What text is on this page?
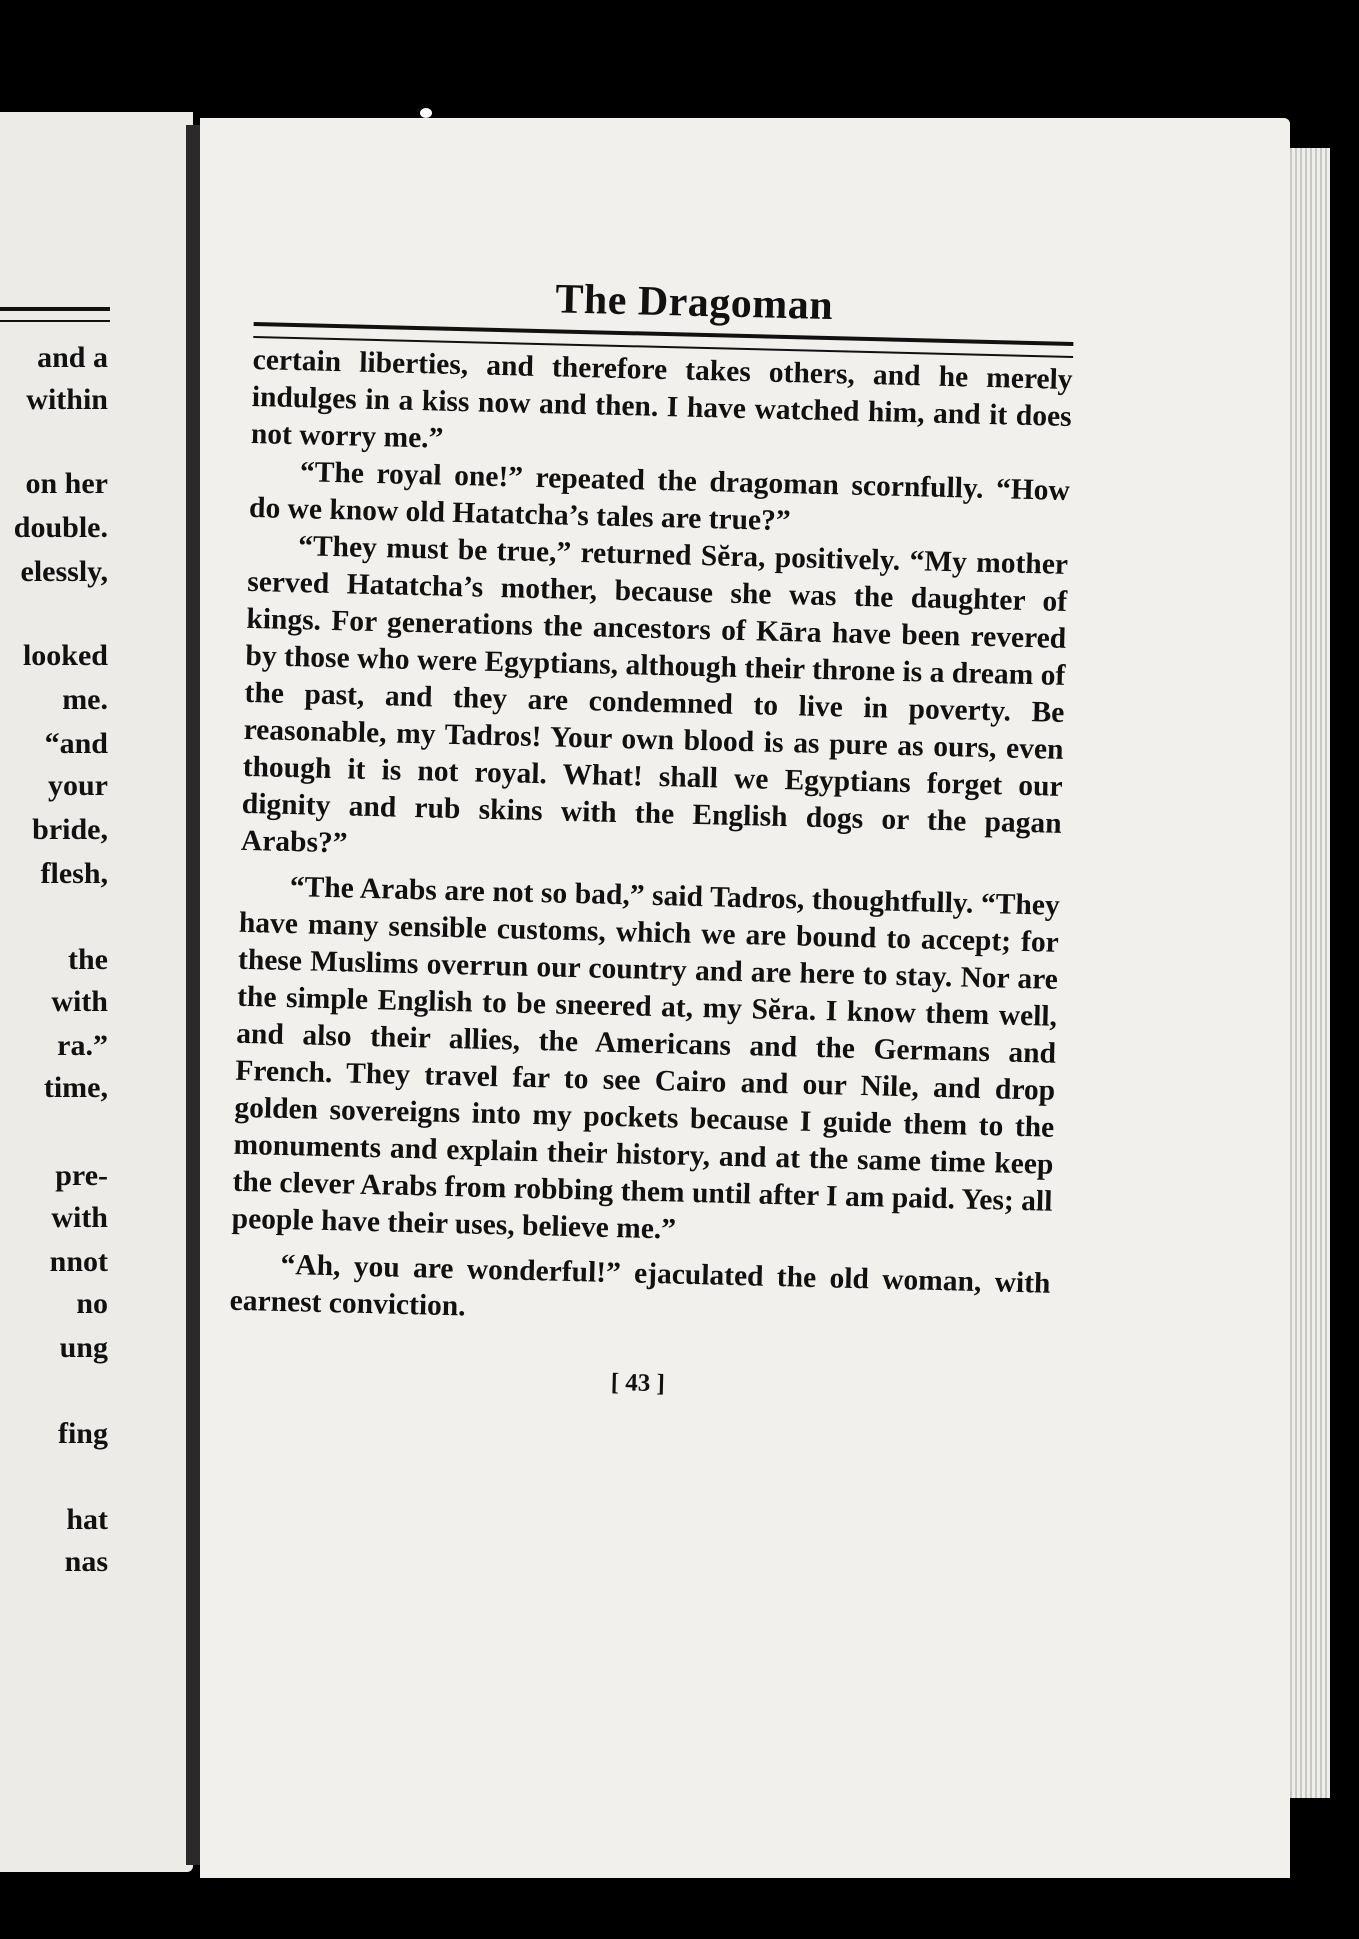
and a
within
on her
double.
elessly,
looked
me.
“and
your
bride,
flesh,
the
with
ra.”
time,
pre-
with
nnot
no
ung
fing
hat
nas
The Dragoman

certain liberties, and therefore takes others, and he merely indulges in a kiss now and then. I have watched him, and it does not worry me.”

“The royal one!” repeated the dragoman scornfully. “How do we know old Hatatcha’s tales are true?”

“They must be true,” returned Sĕra, positively. “My mother served Hatatcha’s mother, because she was the daughter of kings. For generations the ancestors of Kāra have been revered by those who were Egyptians, although their throne is a dream of the past, and they are condemned to live in poverty. Be reasonable, my Tadros! Your own blood is as pure as ours, even though it is not royal. What! shall we Egyptians forget our dignity and rub skins with the English dogs or the pagan Arabs?”

“The Arabs are not so bad,” said Tadros, thoughtfully. “They have many sensible customs, which we are bound to accept; for these Muslims overrun our country and are here to stay. Nor are the simple English to be sneered at, my Sĕra. I know them well, and also their allies, the Americans and the Germans and French. They travel far to see Cairo and our Nile, and drop golden sovereigns into my pockets because I guide them to the monuments and explain their history, and at the same time keep the clever Arabs from robbing them until after I am paid. Yes; all people have their uses, believe me.”

“Ah, you are wonderful!” ejaculated the old woman, with earnest conviction.

[ 43 ]
